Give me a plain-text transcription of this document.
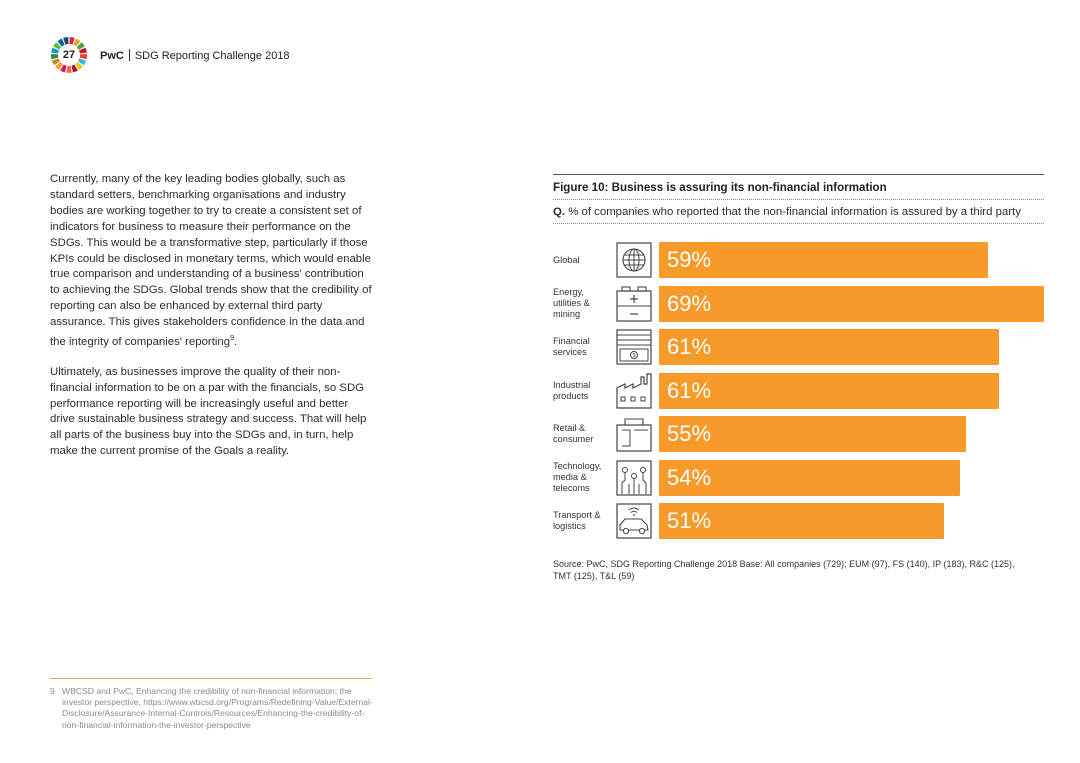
27	PwC SDG Reporting Challenge 2018

Currently, many of the key leading bodies globally, such as standard setters, benchmarking organisations and industry bodies are working together to try to create a consistent set of indicators for business to measure their performance on the SDGs. This would be a transformative step, particularly if those KPIs could be disclosed in monetary terms, which would enable true comparison and understanding of a business' contribution to achieving the SDGs. Global trends show that the credibility of reporting can also be enhanced by external third party assurance. This gives stakeholders confidence in the data and the integrity of companies' reporting$^9$.

Ultimately, as businesses improve the quality of their non-financial information to be on a par with the financials, so SDG performance reporting will be increasingly useful and better drive sustainable business strategy and success. That will help all parts of the business buy into the SDGs and, in turn, help make the current promise of the Goals a reality.

Figure 10: Business is assuring its non-financial information
Q. % of companies who reported that the non-financial information is assured by a third party
Global	59%
Energy,
utilities &
mining	69%
Financial
services	$ 61%
Industrial
products	61%
Retail &
consumer	55%
Technology,
media &
telecoms	54%
Transport &
logistics	51%
Source: PwC, SDG Reporting Challenge 2018 Base: All companies (729); EUM (97), FS (140), IP (183), R&C (125), TMT (125), T&L (59)
9 WBCSD and PwC, Enhancing the credibility of non-financial information: the investor perspective, https://www.wbcsd.org/Programs/Redefining-Value/External-Disclosure/Assurance-Internal-Controls/Resources/Enhancing-the-credibility-of-non-financial-information-the-investor-perspective
